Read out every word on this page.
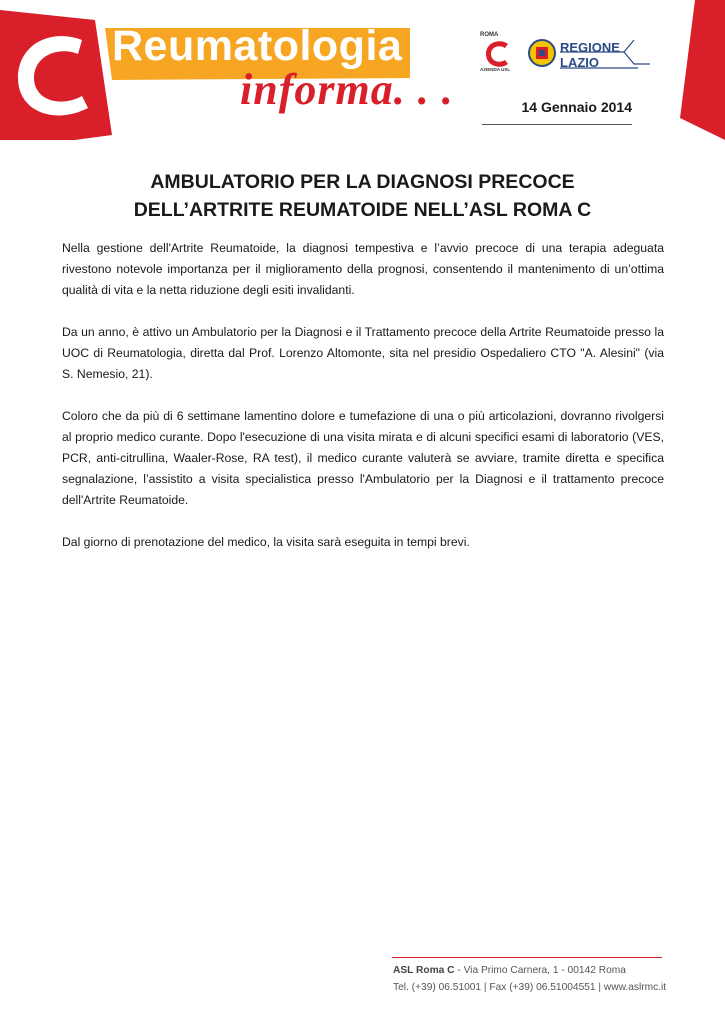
Reumatologia
informa. . .
ROMA
AZIENDA USL
REGIONE
LAZIO
14 Gennaio 2014
AMBULATORIO PER LA DIAGNOSI PRECOCE
DELL’ARTRITE REUMATOIDE NELL’ASL ROMA C

Nella gestione dell'Artrite Reumatoide, la diagnosi tempestiva e l’avvio precoce di una terapia adeguata rivestono notevole importanza per il miglioramento della prognosi, consentendo il mantenimento di un’ottima qualità di vita e la netta riduzione degli esiti invalidanti.

Da un anno, è attivo un Ambulatorio per la Diagnosi e il Trattamento precoce della Artrite Reumatoide presso la UOC di Reumatologia, diretta dal Prof. Lorenzo Altomonte, sita nel presidio Ospedaliero CTO "A. Alesini" (via S. Nemesio, 21).

Coloro che da più di 6 settimane lamentino dolore e tumefazione di una o più articolazioni, dovranno rivolgersi al proprio medico curante. Dopo l'esecuzione di una visita mirata e di alcuni specifici esami di laboratorio (VES, PCR, anti-citrullina, Waaler-Rose, RA test), il medico curante valuterà se avviare, tramite diretta e specifica segnalazione, l’assistito a visita specialistica presso l'Ambulatorio per la Diagnosi e il trattamento precoce dell'Artrite Reumatoide.

Dal giorno di prenotazione del medico, la visita sarà eseguita in tempi brevi.

ASL Roma C - Via Primo Carnera, 1 - 00142 Roma
Tel. (+39) 06.51001 | Fax (+39) 06.51004551 | www.aslrmc.it
